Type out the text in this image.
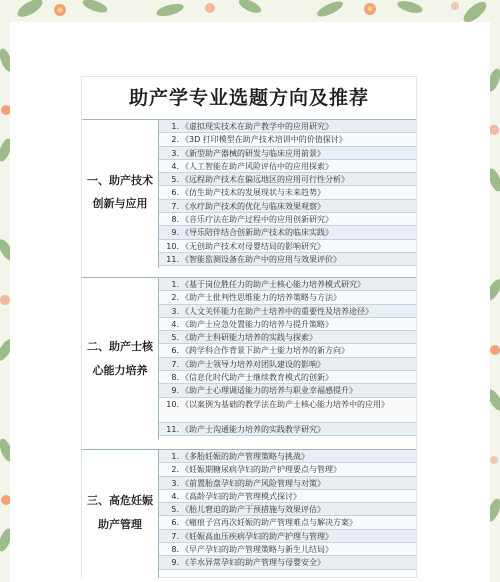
助产学专业选题方向及推荐
一、助产技术
创新与应用
1. 《虚拟现实技术在助产教学中的应用研究》
2. 《3D 打印模型在助产技术培训中的价值探讨》
3. 《新型助产器械的研发与临床应用前景》
4. 《人工智能在助产风险评估中的应用探索》
5. 《远程助产技术在偏远地区的应用可行性分析》
6. 《仿生助产技术的发展现状与未来趋势》
7. 《水疗助产技术的优化与临床效果观察》
8. 《音乐疗法在助产过程中的应用创新研究》
9. 《导乐陪伴结合创新助产技术的临床实践》
10. 《无创助产技术对母婴结局的影响研究》
11. 《智能监测设备在助产中的应用与效果评价》
二、助产士核
心能力培养
1. 《基于岗位胜任力的助产士核心能力培养模式研究》
2. 《助产士批判性思维能力的培养策略与方法》
3. 《人文关怀能力在助产士培养中的重要性及培养途径》
4. 《助产士应急处置能力的培养与提升策略》
5. 《助产士科研能力培养的实践与探索》
6. 《跨学科合作背景下助产士能力培养的新方向》
7. 《助产士领导力培养对团队建设的影响》
8. 《信息化时代助产士继续教育模式的创新》
9. 《助产士心理调适能力的培养与职业幸福感提升》
10. 《以案例为基础的教学法在助产士核心能力培养中的应用》
11. 《助产士沟通能力培养的实践教学研究》
三、高危妊娠
助产管理
1. 《多胎妊娠的助产管理策略与挑战》
2. 《妊娠期糖尿病孕妇的助产护理要点与管理》
3. 《前置胎盘孕妇的助产风险管理与对策》
4. 《高龄孕妇的助产管理模式探讨》
5. 《胎儿窘迫的助产干预措施与效果评估》
6. 《瘢痕子宫再次妊娠的助产管理难点与解决方案》
7. 《妊娠高血压疾病孕妇的助产护理与管理》
8. 《早产孕妇的助产管理策略与新生儿结局》
9. 《羊水异常孕妇的助产管理与母婴安全》
